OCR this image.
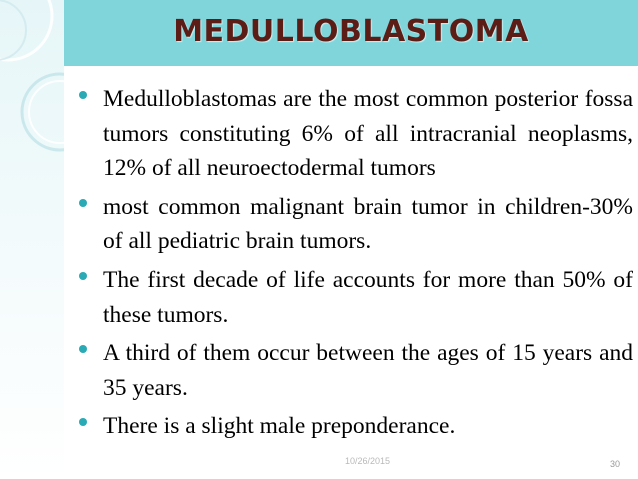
MEDULLOBLASTOMA
Medulloblastomas are the most common posterior fossa tumors constituting 6% of all intracranial neoplasms, 12% of all neuroectodermal tumors
most common malignant brain tumor in children-30% of all pediatric brain tumors.
The first decade of life accounts for more than 50% of these tumors.
A third of them occur between the ages of 15 years and 35 years.
There is a slight male preponderance.
10/26/2015	30
